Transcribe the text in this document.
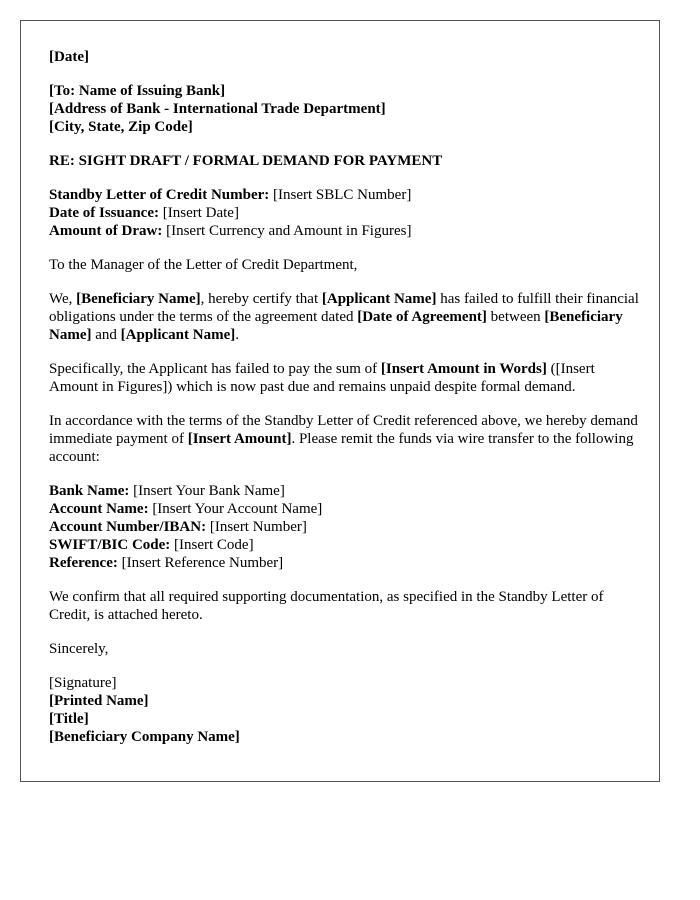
[Date]

[To: Name of Issuing Bank]
[Address of Bank - International Trade Department]
[City, State, Zip Code]

RE: SIGHT DRAFT / FORMAL DEMAND FOR PAYMENT

Standby Letter of Credit Number: [Insert SBLC Number]
Date of Issuance: [Insert Date]
Amount of Draw: [Insert Currency and Amount in Figures]

To the Manager of the Letter of Credit Department,

We, [Beneficiary Name], hereby certify that [Applicant Name] has failed to fulfill their financial obligations under the terms of the agreement dated [Date of Agreement] between [Beneficiary Name] and [Applicant Name].

Specifically, the Applicant has failed to pay the sum of [Insert Amount in Words] ([Insert Amount in Figures]) which is now past due and remains unpaid despite formal demand.

In accordance with the terms of the Standby Letter of Credit referenced above, we hereby demand immediate payment of [Insert Amount]. Please remit the funds via wire transfer to the following account:

Bank Name: [Insert Your Bank Name]
Account Name: [Insert Your Account Name]
Account Number/IBAN: [Insert Number]
SWIFT/BIC Code: [Insert Code]
Reference: [Insert Reference Number]

We confirm that all required supporting documentation, as specified in the Standby Letter of Credit, is attached hereto.

Sincerely,

[Signature]
[Printed Name]
[Title]
[Beneficiary Company Name]
